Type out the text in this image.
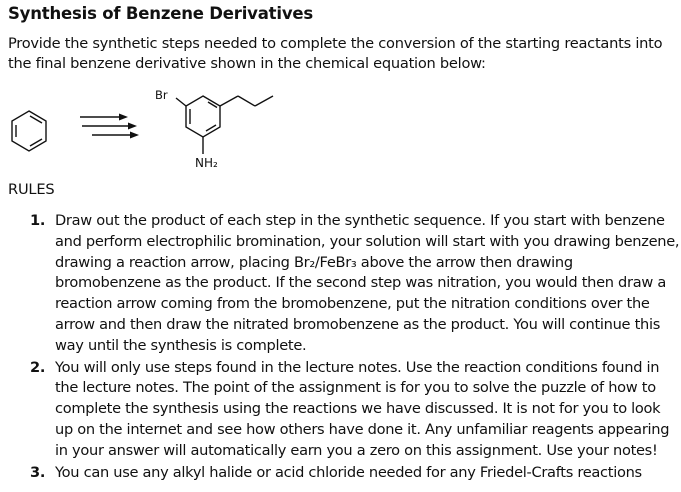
Synthesis of Benzene Derivatives
Provide the synthetic steps needed to complete the conversion of the starting reactants into the final benzene derivative shown in the chemical equation below:
Br
NH₂
RULES
1. Draw out the product of each step in the synthetic sequence. If you start with benzene and perform electrophilic bromination, your solution will start with you drawing benzene, drawing a reaction arrow, placing Br₂/FeBr₃ above the arrow then drawing bromobenzene as the product. If the second step was nitration, you would then draw a reaction arrow coming from the bromobenzene, put the nitration conditions over the arrow and then draw the nitrated bromobenzene as the product. You will continue this way until the synthesis is complete.
2. You will only use steps found in the lecture notes. Use the reaction conditions found in the lecture notes. The point of the assignment is for you to solve the puzzle of how to complete the synthesis using the reactions we have discussed. It is not for you to look up on the internet and see how others have done it. Any unfamiliar reagents appearing in your answer will automatically earn you a zero on this assignment. Use your notes!
3. You can use any alkyl halide or acid chloride needed for any Friedel-Crafts reactions
